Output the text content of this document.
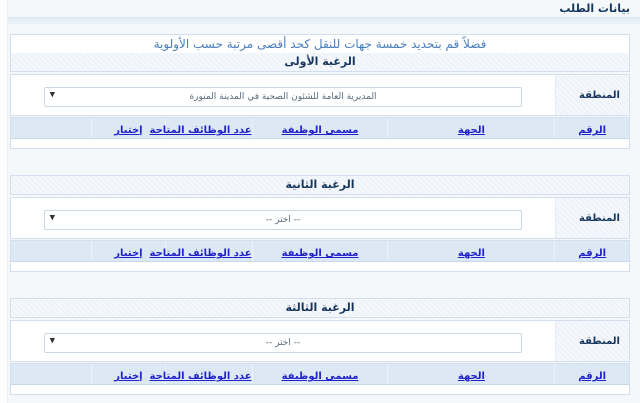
بيانات الطلب
فضلاً قم بتحديد خمسة جهات للنقل كحد أقصى مرتبة حسب الأولوية
الرغبة الأولى
المنطقة
المديرية العامة للشئون الصحية في المدينة المنورة
▼
الرقم	الجهة	مسمى الوظيفة	عدد الوظائف المتاحة	إختيار	

الرغبة الثانية
المنطقة
-- اختر --
▼
الرقم	الجهة	مسمى الوظيفة	عدد الوظائف المتاحة	إختيار	

الرغبة الثالثة
المنطقة
-- اختر --
▼
الرقم	الجهة	مسمى الوظيفة	عدد الوظائف المتاحة	إختيار	
